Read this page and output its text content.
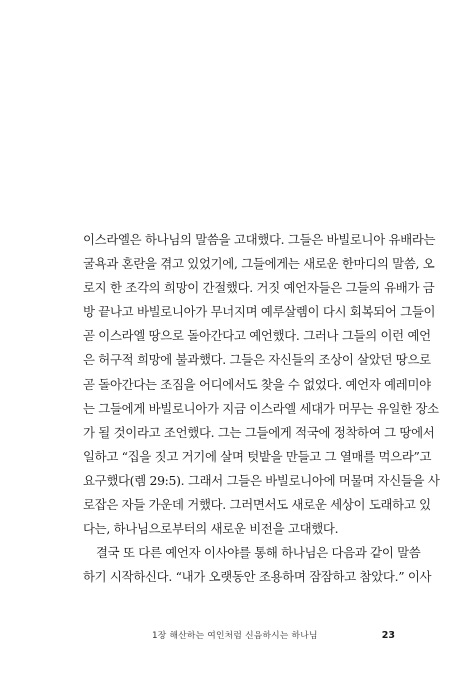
이스라엘은 하나님의 말씀을 고대했다. 그들은 바빌로니아 유배라는
굴욕과 혼란을 겪고 있었기에, 그들에게는 새로운 한마디의 말씀, 오
로지 한 조각의 희망이 간절했다. 거짓 예언자들은 그들의 유배가 금
방 끝나고 바빌로니아가 무너지며 예루살렘이 다시 회복되어 그들이
곧 이스라엘 땅으로 돌아간다고 예언했다. 그러나 그들의 이런 예언
은 허구적 희망에 불과했다. 그들은 자신들의 조상이 살았던 땅으로
곧 돌아간다는 조짐을 어디에서도 찾을 수 없었다. 예언자 예레미야
는 그들에게 바빌로니아가 지금 이스라엘 세대가 머무는 유일한 장소
가 될 것이라고 조언했다. 그는 그들에게 적국에 정착하여 그 땅에서
일하고 “집을 짓고 거기에 살며 텃밭을 만들고 그 열매를 먹으라”고
요구했다(렘 29:5). 그래서 그들은 바빌로니아에 머물며 자신들을 사
로잡은 자들 가운데 거했다. 그러면서도 새로운 세상이 도래하고 있
다는, 하나님으로부터의 새로운 비전을 고대했다.
결국 또 다른 예언자 이사야를 통해 하나님은 다음과 같이 말씀
하기 시작하신다. “내가 오랫동안 조용하며 잠잠하고 참았다.” 이사
1장 해산하는 여인처럼 신음하시는 하나님	23
